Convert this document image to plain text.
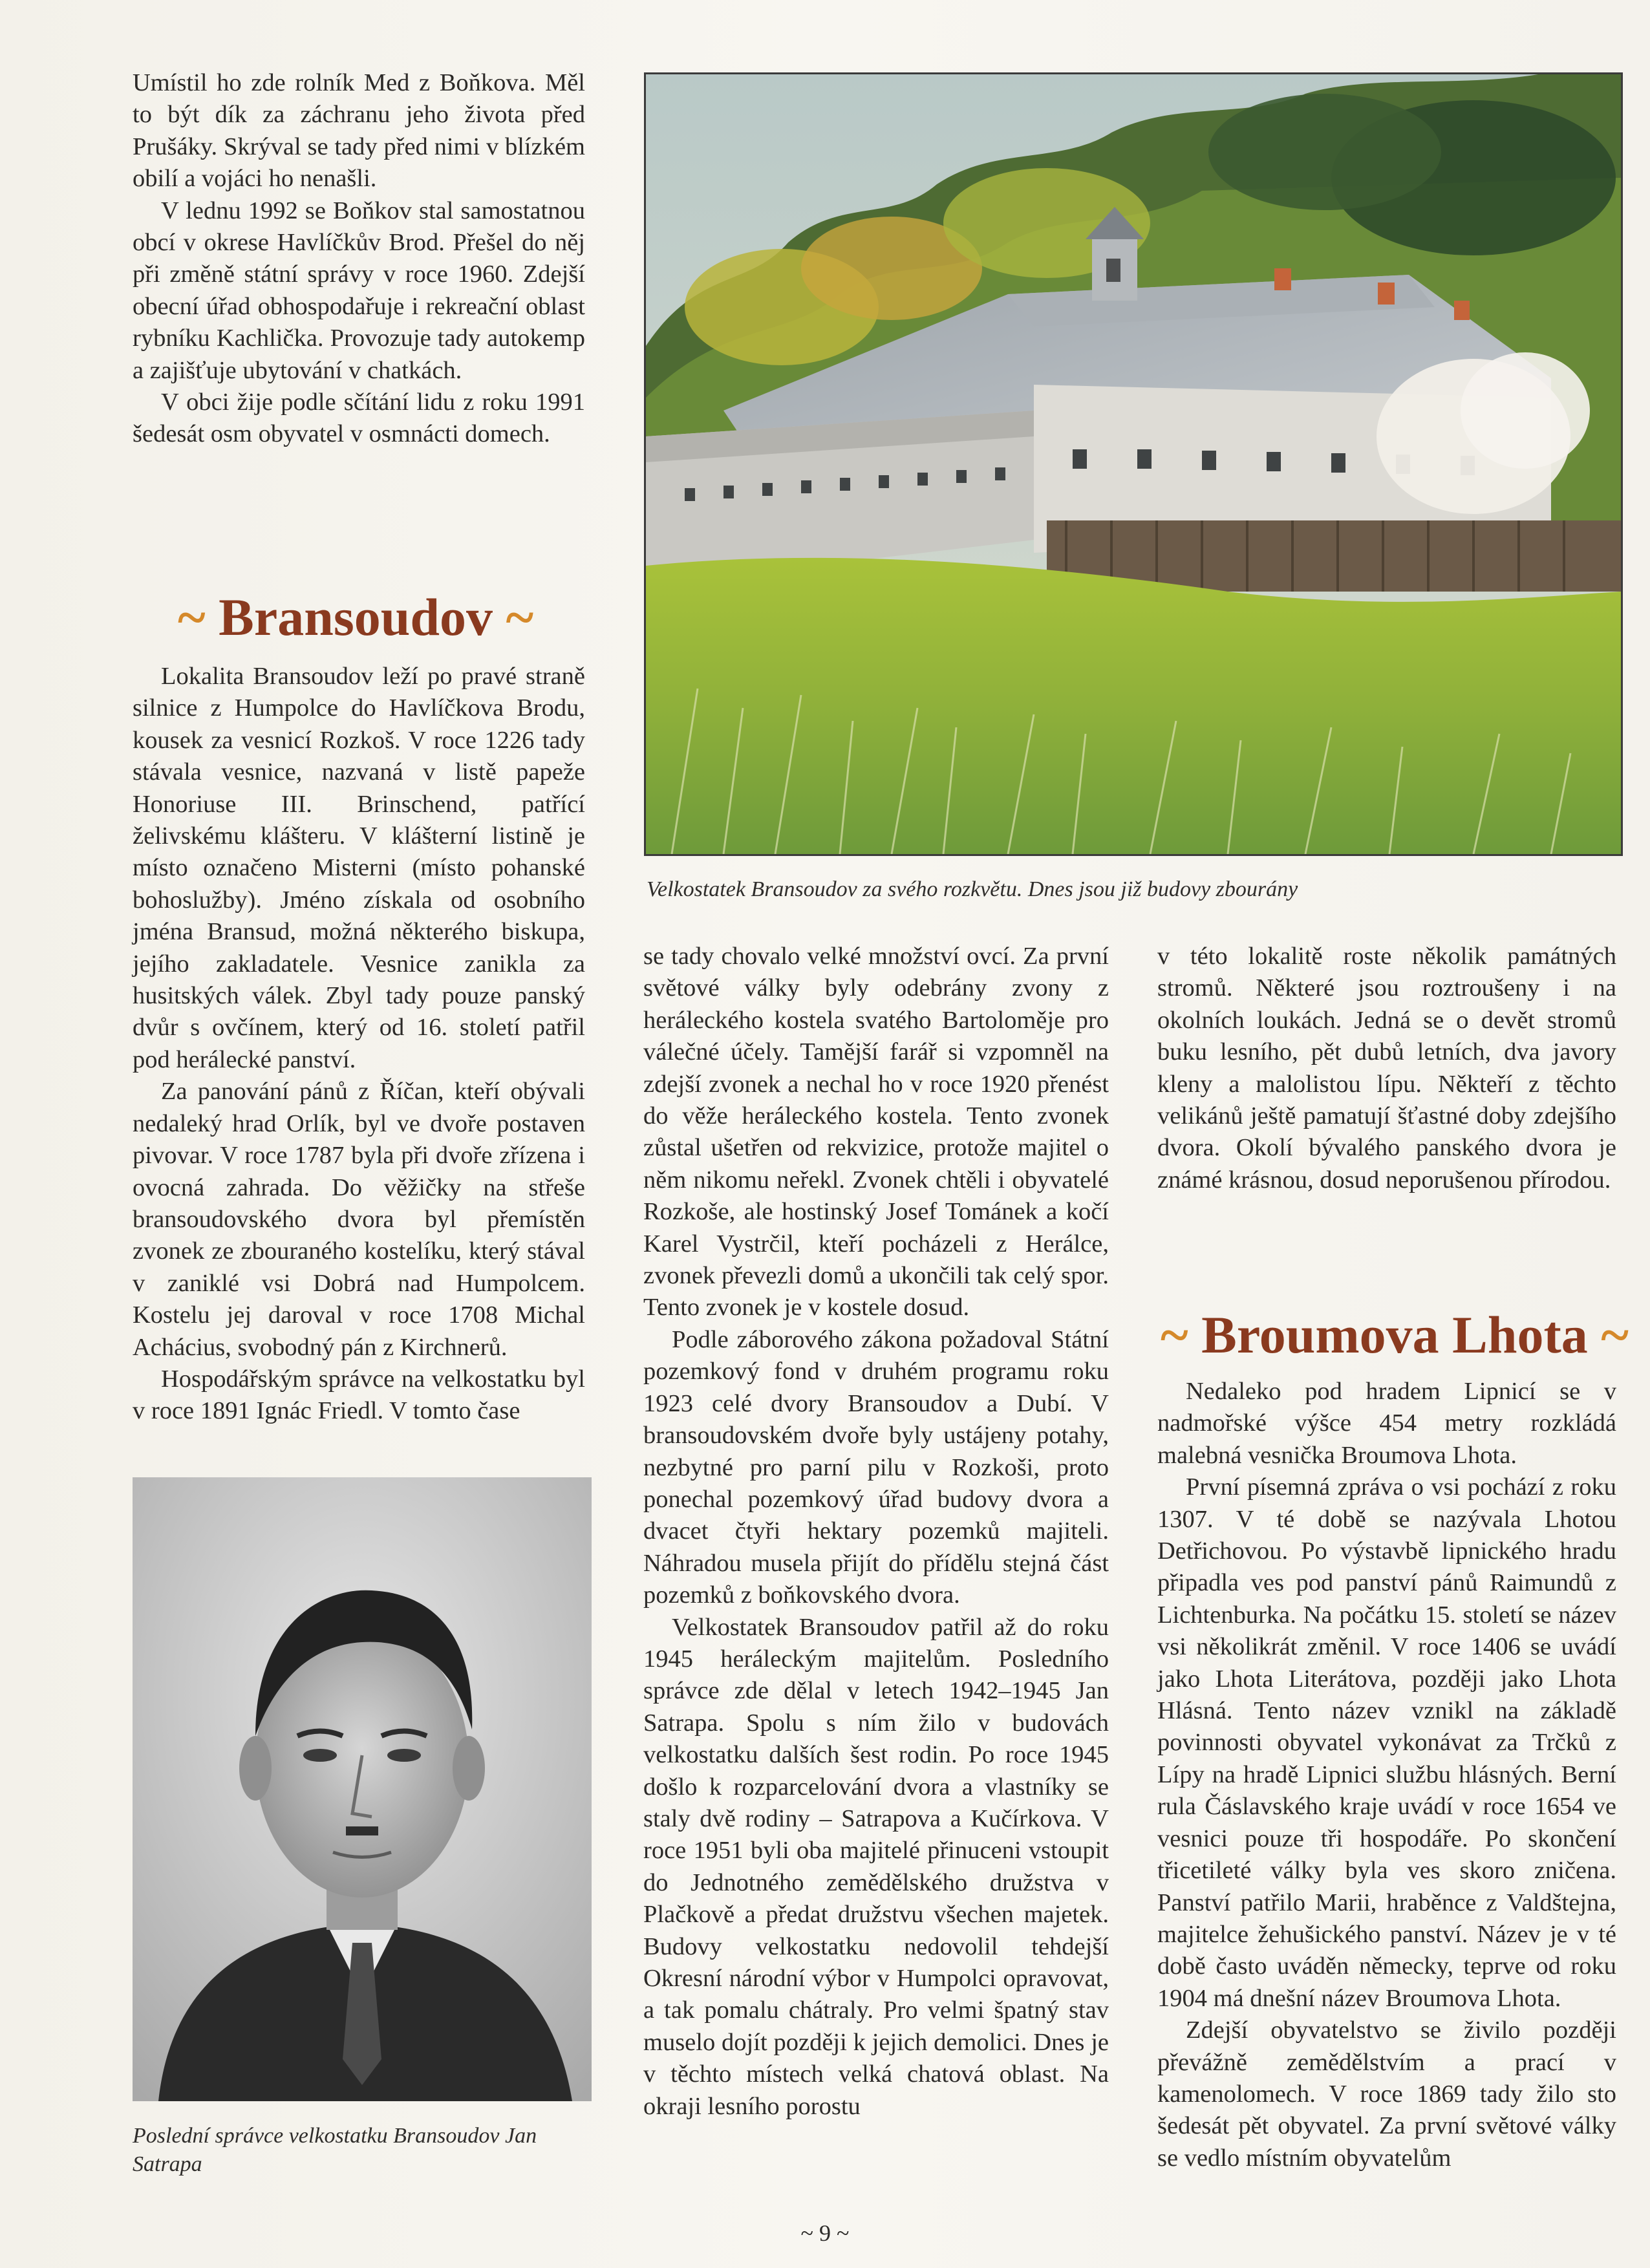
Umístil ho zde rolník Med z Boňkova. Měl to být dík za záchranu jeho života před Prušáky. Skrýval se tady před nimi v blízkém obilí a vojáci ho nenašli.

V lednu 1992 se Boňkov stal samostatnou obcí v okrese Havlíčkův Brod. Přešel do něj při změně státní správy v roce 1960. Zdejší obecní úřad obhospodařuje i rekreační oblast rybníku Kachlička. Provozuje tady autokemp a zajišťuje ubytování v chatkách.

V obci žije podle sčítání lidu z roku 1991 šedesát osm obyvatel v osmnácti domech.

~ Bransoudov ~

Lokalita Bransoudov leží po pravé straně silnice z Humpolce do Havlíčkova Brodu, kousek za vesnicí Rozkoš. V roce 1226 tady stávala vesnice, nazvaná v listě papeže Honoriuse III. Brinschend, patřící želivskému klášteru. V klášterní listině je místo označeno Misterni (místo pohanské bohoslužby). Jméno získala od osobního jména Bransud, možná některého biskupa, jejího zakladatele. Vesnice zanikla za husitských válek. Zbyl tady pouze panský dvůr s ovčínem, který od 16. století patřil pod herálecké panství.

Za panování pánů z Říčan, kteří obývali nedaleký hrad Orlík, byl ve dvoře postaven pivovar. V roce 1787 byla při dvoře zřízena i ovocná zahrada. Do věžičky na střeše bransoudovského dvora byl přemístěn zvonek ze zbouraného kostelíku, který stával v zaniklé vsi Dobrá nad Humpolcem. Kostelu jej daroval v roce 1708 Michal Achácius, svobodný pán z Kirchnerů.

Hospodářským správce na velkostatku byl v roce 1891 Ignác Friedl. V tomto čase

Velkostatek Bransoudov za svého rozkvětu. Dnes jsou již budovy zbourány

se tady chovalo velké množství ovcí. Za první světové války byly odebrány zvony z heráleckého kostela svatého Bartoloměje pro válečné účely. Tamější farář si vzpomněl na zdejší zvonek a nechal ho v roce 1920 přenést do věže heráleckého kostela. Tento zvonek zůstal ušetřen od rekvizice, protože majitel o něm nikomu neřekl. Zvonek chtěli i obyvatelé Rozkoše, ale hostinský Josef Tománek a kočí Karel Vystrčil, kteří pocházeli z Herálce, zvonek převezli domů a ukončili tak celý spor. Tento zvonek je v kostele dosud.

Podle záborového zákona požadoval Státní pozemkový fond v druhém programu roku 1923 celé dvory Bransoudov a Dubí. V bransoudovském dvoře byly ustájeny potahy, nezbytné pro parní pilu v Rozkoši, proto ponechal pozemkový úřad budovy dvora a dvacet čtyři hektary pozemků majiteli. Náhradou musela přijít do přídělu stejná část pozemků z boňkovského dvora.

Velkostatek Bransoudov patřil až do roku 1945 heráleckým majitelům. Posledního správce zde dělal v letech 1942–1945 Jan Satrapa. Spolu s ním žilo v budovách velkostatku dalších šest rodin. Po roce 1945 došlo k rozparcelování dvora a vlastníky se staly dvě rodiny – Satrapova a Kučírkova. V roce 1951 byli oba majitelé přinuceni vstoupit do Jednotného zemědělského družstva v Plačkově a předat družstvu všechen majetek. Budovy velkostatku nedovolil tehdejší Okresní národní výbor v Humpolci opravovat, a tak pomalu chátraly. Pro velmi špatný stav muselo dojít později k jejich demolici. Dnes je v těchto místech velká chatová oblast. Na okraji lesního porostu

v této lokalitě roste několik památných stromů. Některé jsou roztroušeny i na okolních loukách. Jedná se o devět stromů buku lesního, pět dubů letních, dva javory kleny a malolistou lípu. Někteří z těchto velikánů ještě pamatují šťastné doby zdejšího dvora. Okolí bývalého panského dvora je známé krásnou, dosud neporušenou přírodou.

~ Broumova Lhota ~

Nedaleko pod hradem Lipnicí se v nadmořské výšce 454 metry rozkládá malebná vesnička Broumova Lhota.

První písemná zpráva o vsi pochází z roku 1307. V té době se nazývala Lhotou Detřichovou. Po výstavbě lipnického hradu připadla ves pod panství pánů Raimundů z Lichtenburka. Na počátku 15. století se název vsi několikrát změnil. V roce 1406 se uvádí jako Lhota Literátova, později jako Lhota Hlásná. Tento název vznikl na základě povinnosti obyvatel vykonávat za Trčků z Lípy na hradě Lipnici službu hlásných. Berní rula Čáslavského kraje uvádí v roce 1654 ve vesnici pouze tři hospodáře. Po skončení třicetileté války byla ves skoro zničena. Panství patřilo Marii, hraběnce z Valdštejna, majitelce žehušického panství. Název je v té době často uváděn německy, teprve od roku 1904 má dnešní název Broumova Lhota.

Zdejší obyvatelstvo se živilo později převážně zemědělstvím a prací v kamenolomech. V roce 1869 tady žilo sto šedesát pět obyvatel. Za první světové války se vedlo místním obyvatelům

Poslední správce velkostatku Bransoudov Jan Satrapa
~ 9 ~
